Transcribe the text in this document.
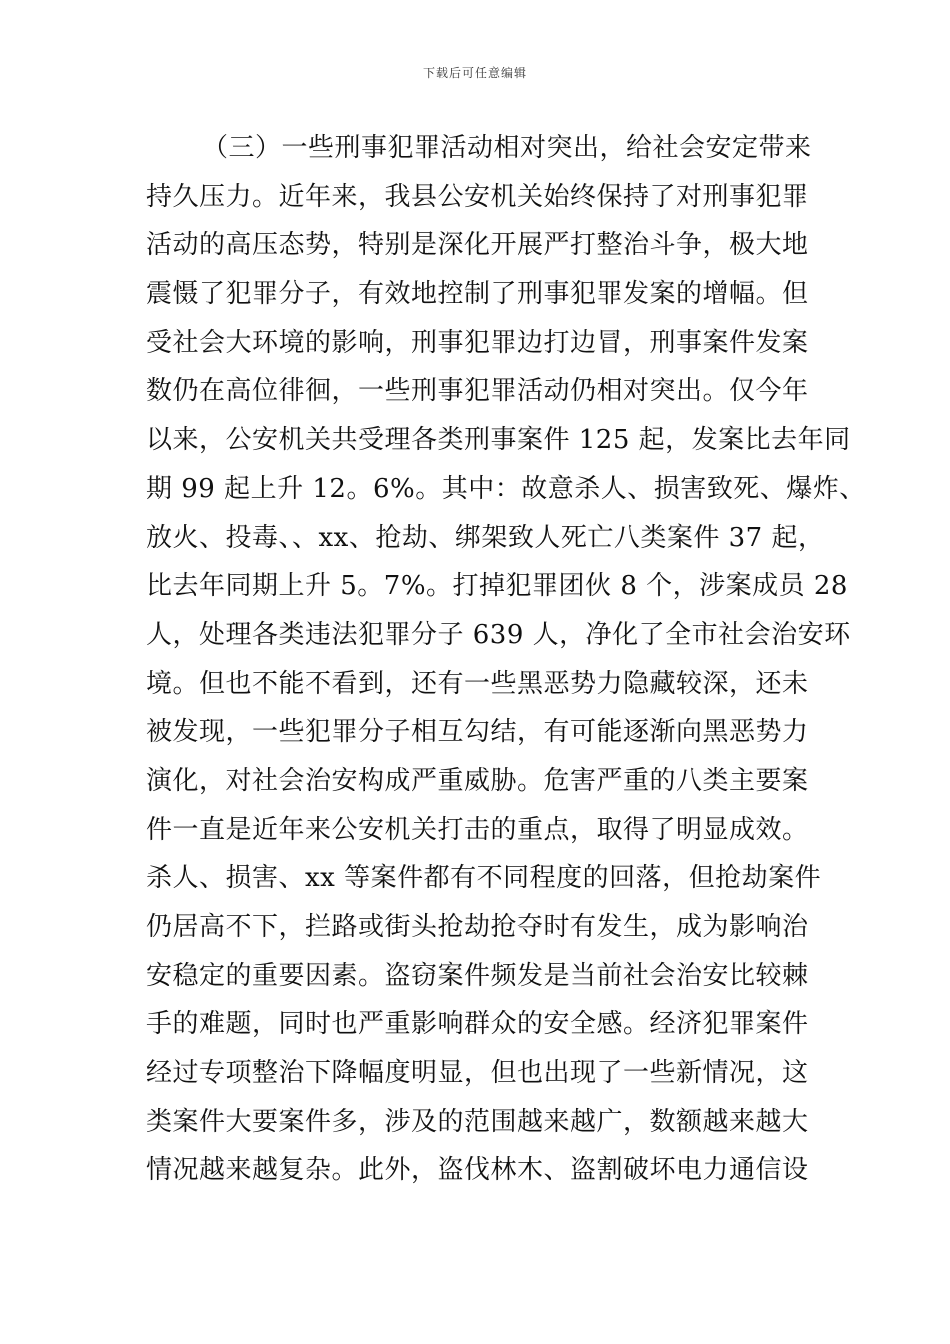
下载后可任意编辑
（三）一些刑事犯罪活动相对突出，给社会安定带来
持久压力。近年来，我县公安机关始终保持了对刑事犯罪
活动的高压态势，特别是深化开展严打整治斗争，极大地
震慑了犯罪分子，有效地控制了刑事犯罪发案的增幅。但
受社会大环境的影响，刑事犯罪边打边冒，刑事案件发案
数仍在高位徘徊，一些刑事犯罪活动仍相对突出。仅今年
以来，公安机关共受理各类刑事案件 125 起，发案比去年同
期 99 起上升 12。6%。其中：故意杀人、损害致死、爆炸、
放火、投毒、、xx、抢劫、绑架致人死亡八类案件 37 起，
比去年同期上升 5。7%。打掉犯罪团伙 8 个，涉案成员 28
人，处理各类违法犯罪分子 639 人，净化了全市社会治安环
境。但也不能不看到，还有一些黑恶势力隐藏较深，还未
被发现，一些犯罪分子相互勾结，有可能逐渐向黑恶势力
演化，对社会治安构成严重威胁。危害严重的八类主要案
件一直是近年来公安机关打击的重点，取得了明显成效。
杀人、损害、xx 等案件都有不同程度的回落，但抢劫案件
仍居高不下，拦路或街头抢劫抢夺时有发生，成为影响治
安稳定的重要因素。盗窃案件频发是当前社会治安比较棘
手的难题，同时也严重影响群众的安全感。经济犯罪案件
经过专项整治下降幅度明显，但也出现了一些新情况，这
类案件大要案件多，涉及的范围越来越广，数额越来越大
情况越来越复杂。此外，盗伐林木、盗割破坏电力通信设
